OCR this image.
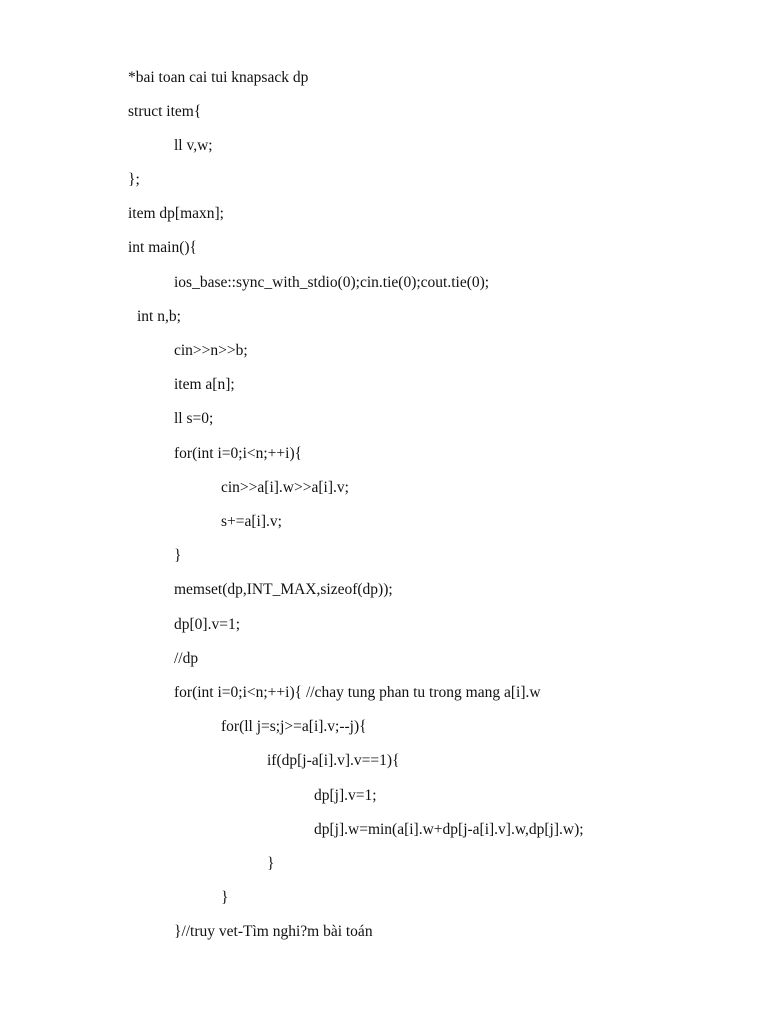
*bai toan cai tui knapsack dp
struct item{
ll v,w;
};
item dp[maxn];
int main(){
ios_base::sync_with_stdio(0);cin.tie(0);cout.tie(0);
int n,b;
cin>>n>>b;
item a[n];
ll s=0;
for(int i=0;i<n;++i){
cin>>a[i].w>>a[i].v;
s+=a[i].v;
}
memset(dp,INT_MAX,sizeof(dp));
dp[0].v=1;
//dp
for(int i=0;i<n;++i){ //chay tung phan tu trong mang a[i].w
for(ll j=s;j>=a[i].v;--j){
if(dp[j-a[i].v].v==1){
dp[j].v=1;
dp[j].w=min(a[i].w+dp[j-a[i].v].w,dp[j].w);
}
}
}//truy vet-Tìm nghi?m bài toán
